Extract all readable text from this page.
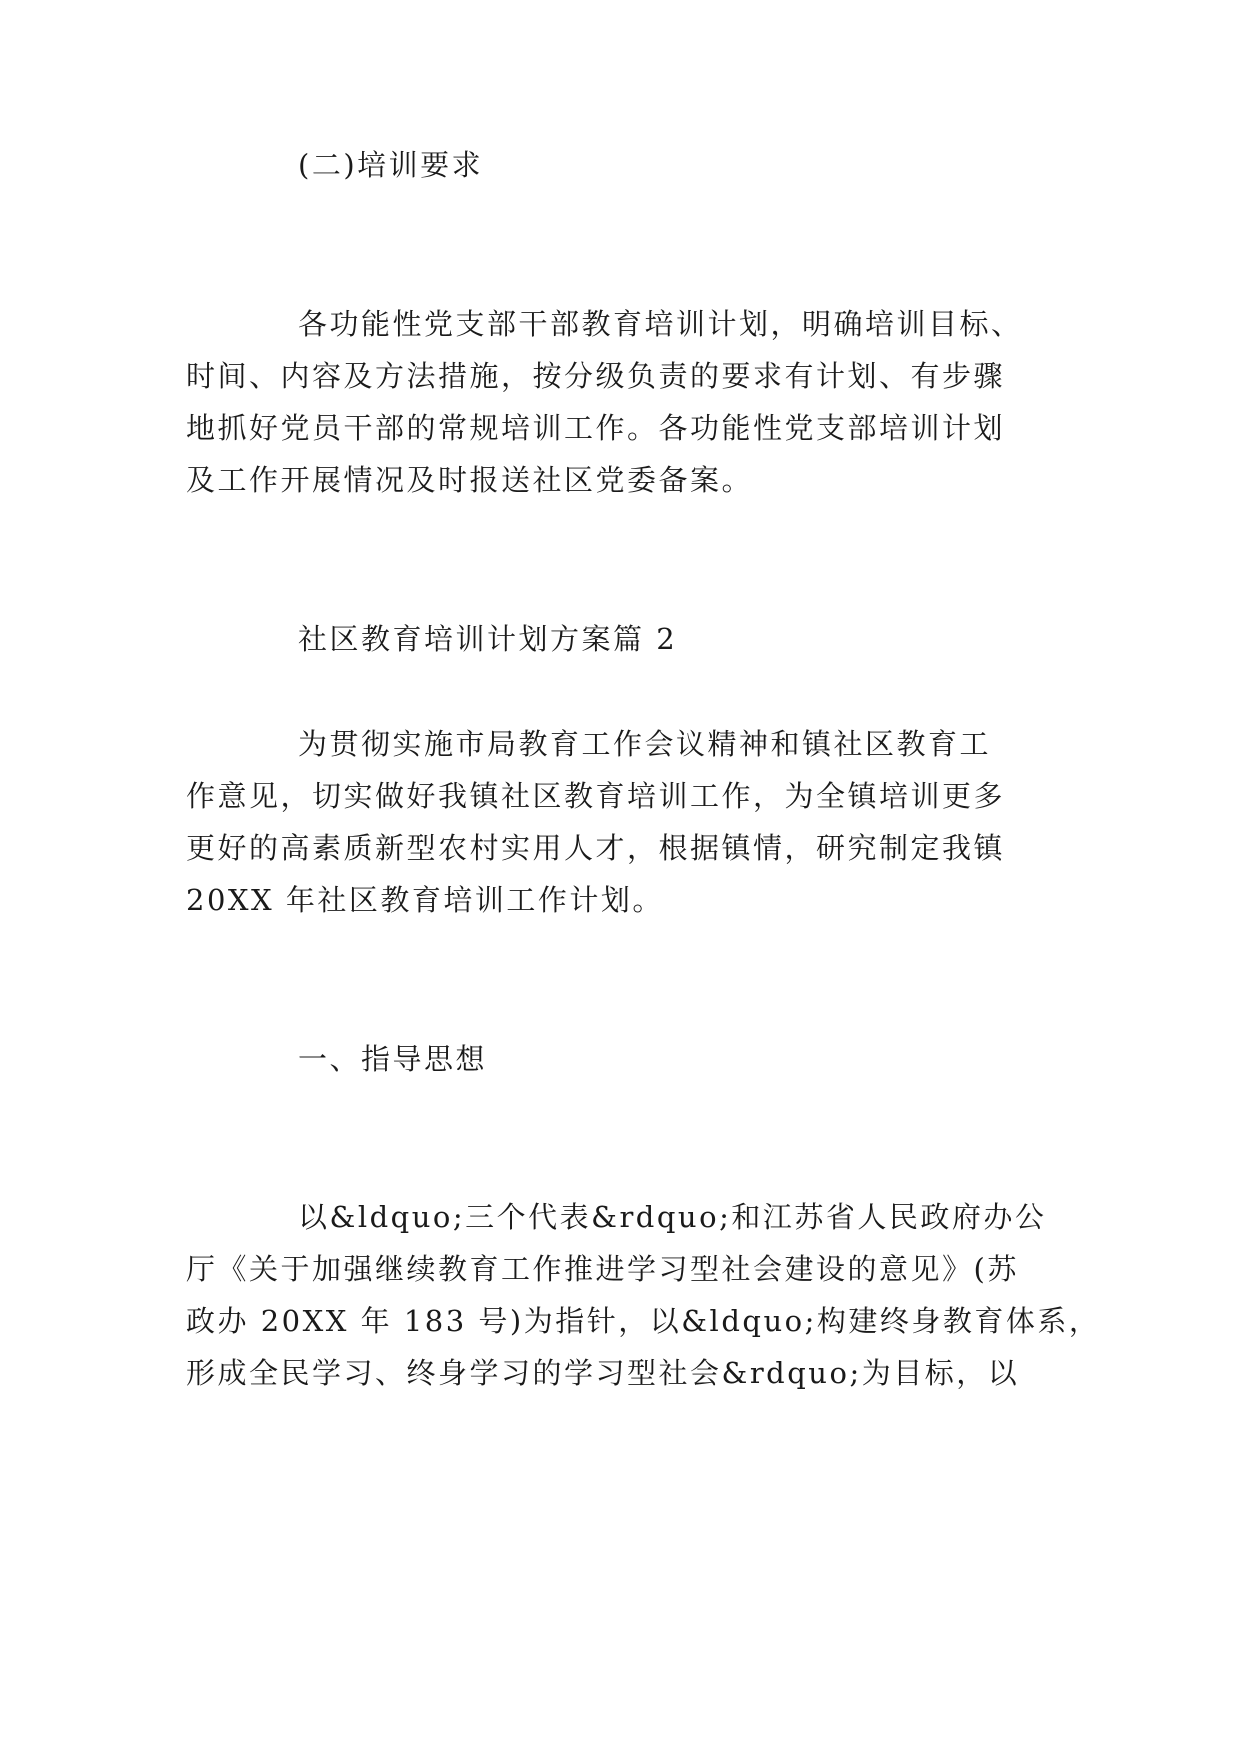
(二)培训要求
各功能性党支部干部教育培训计划，明确培训目标、
时间、内容及方法措施，按分级负责的要求有计划、有步骤
地抓好党员干部的常规培训工作。各功能性党支部培训计划
及工作开展情况及时报送社区党委备案。
社区教育培训计划方案篇 2
为贯彻实施市局教育工作会议精神和镇社区教育工
作意见，切实做好我镇社区教育培训工作，为全镇培训更多
更好的高素质新型农村实用人才，根据镇情，研究制定我镇
20XX 年社区教育培训工作计划。
一、指导思想
以&ldquo;三个代表&rdquo;和江苏省人民政府办公
厅《关于加强继续教育工作推进学习型社会建设的意见》(苏
政办 20XX 年 183 号)为指针，以&ldquo;构建终身教育体系，
形成全民学习、终身学习的学习型社会&rdquo;为目标，以
